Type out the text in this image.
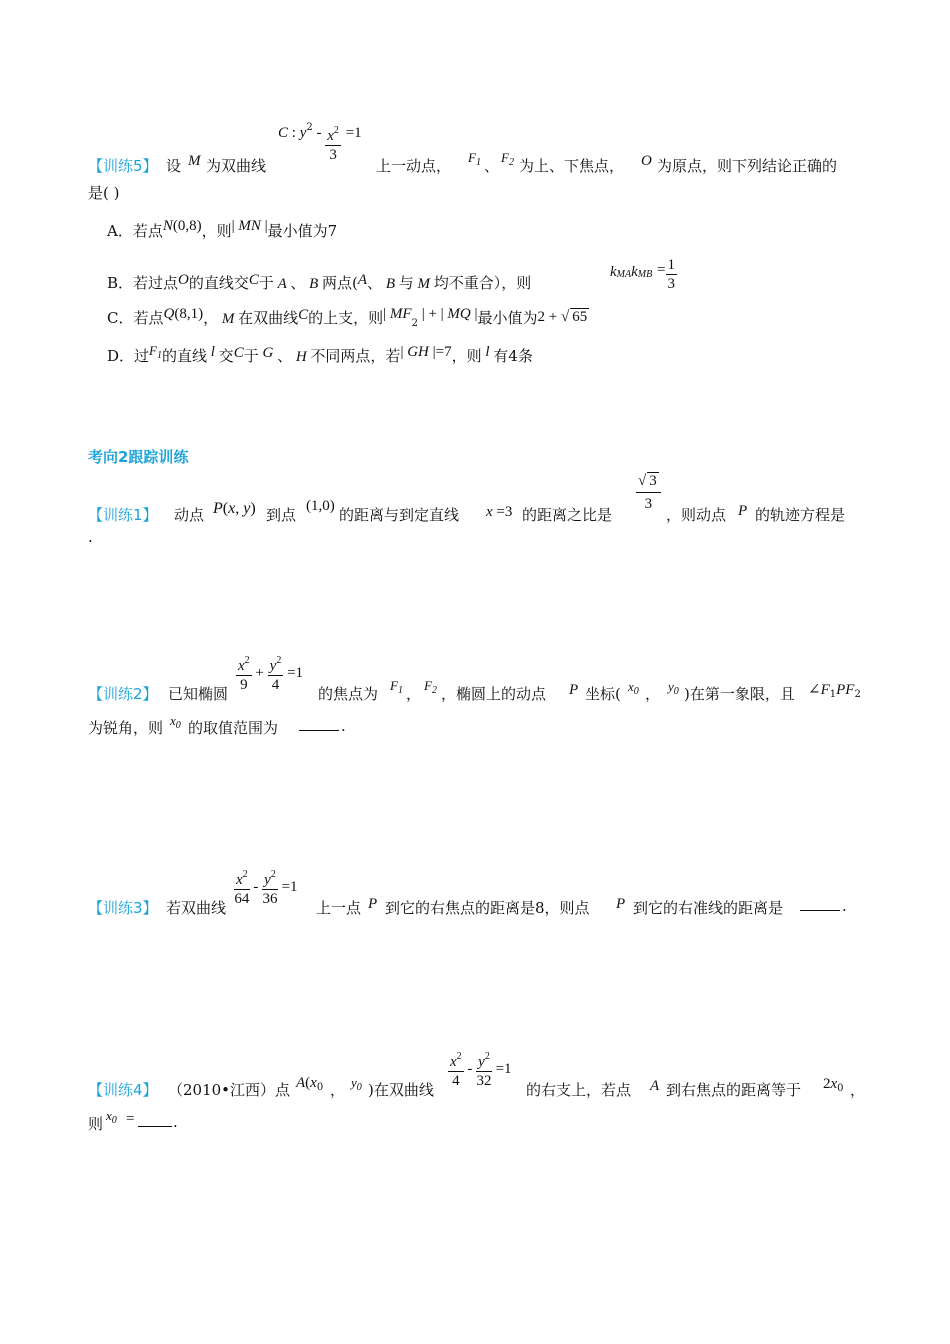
【训练5】 设 M 为双曲线
C : $y^2 - \frac{x^2}{3} =1$
上一动点， $F_1$ 、 $F_2$ 为上、下焦点， O 为原点，则下列结论正确的
是( )
A．若点N(0,8)，则| MN |最小值为7
B．若过点O的直线交C于 A 、 B 两点(A、 B 与 M 均不重合），则
$k_{MA}k_{MB} = \frac{1}{3}$
C．若点Q(8,1)， M 在双曲线C的上支，则| $MF_2$ | + | MQ |最小值为2 + √ 65
D．过$F_1$的直线 l 交C于 G 、 H 不同两点，若| GH |=7，则 l 有4条
考向2跟踪训练
【训练1】 动点 P(x, y) 到点 (1,0) 的距离与到定直线 x =3 的距离之比是 $\frac{√ 3}{3}$ ，则动点 P 的轨迹方程是
.
【训练2】 已知椭圆 $\frac{x^2}{9} + \frac{y^2}{4} =1$
的焦点为 $F_1$ ， $F_2$ ，椭圆上的动点 P 坐标( $x_0$ ， $y_0$ )在第一象限，且 $\angle F_1PF_2$
为锐角，则 $x_0$ 的取值范围为	.
【训练3】 若双曲线 $\frac{x^2}{64} - \frac{y^2}{36} =1$
上一点 P 到它的右焦点的距离是8，则点 P 到它的右准线的距离是	.
【训练4】 （2010•江西）点 $A(x_0$ ， $y_0$ )在双曲线 $\frac{x^2}{4} - \frac{y^2}{32} =1$
的右支上，若点 A 到右焦点的距离等于 $2x_0$ ，
则 $x_0$ =	.
